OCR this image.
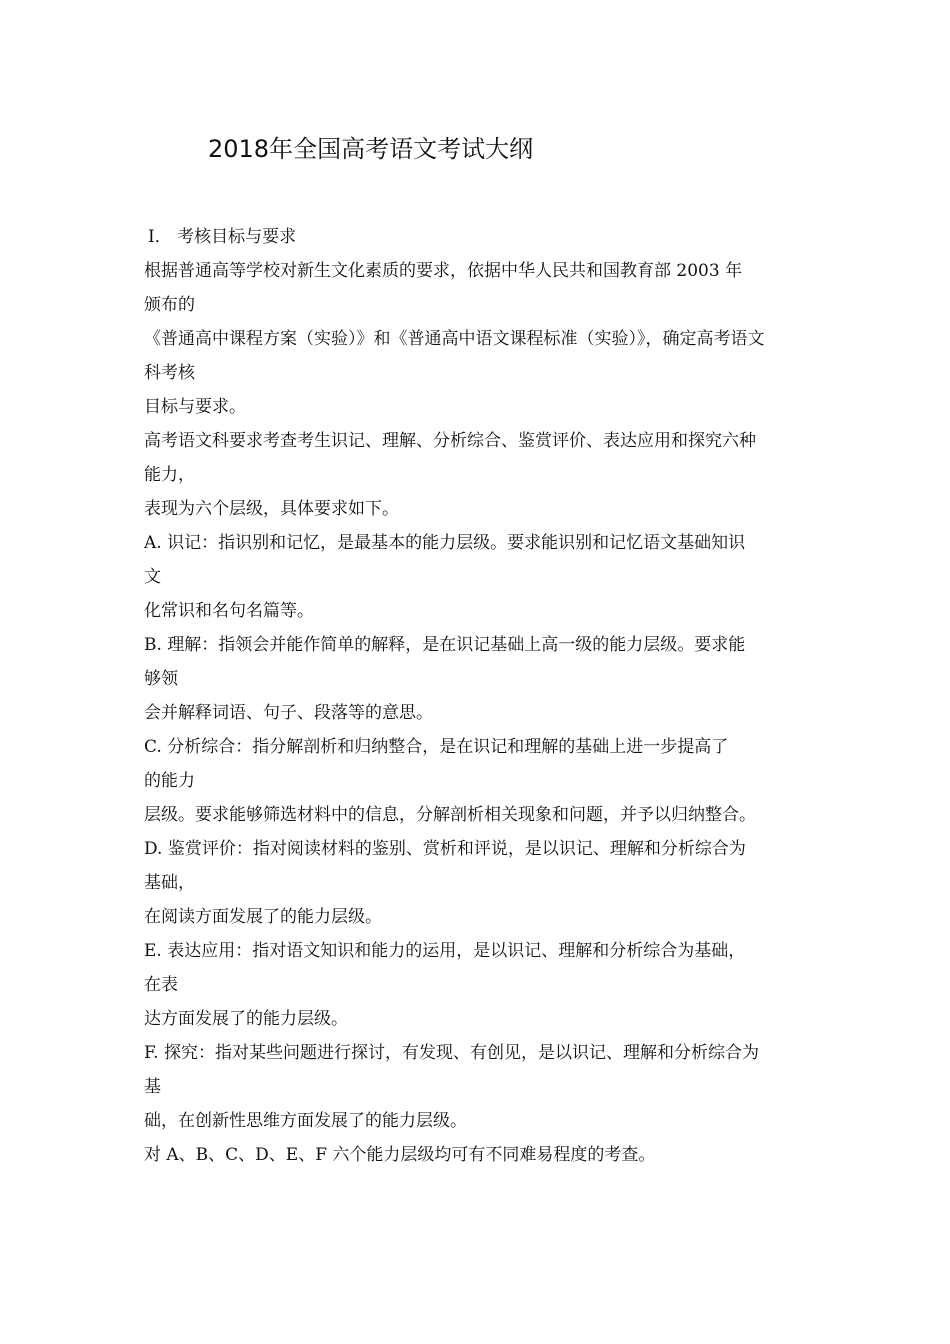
2018年全国高考语文考试大纲
Ⅰ． 考核目标与要求
根据普通高等学校对新生文化素质的要求，依据中华人民共和国教育部 2003 年
颁布的
《普通高中课程方案（实验）》和《普通高中语文课程标准（实验）》，确定高考语文
科考核
目标与要求。
高考语文科要求考查考生识记、理解、分析综合、鉴赏评价、表达应用和探究六种
能力，
表现为六个层级，具体要求如下。
A. 识记：指识别和记忆，是最基本的能力层级。要求能识别和记忆语文基础知识
文
化常识和名句名篇等。
B. 理解：指领会并能作简单的解释，是在识记基础上高一级的能力层级。要求能
够领
会并解释词语、句子、段落等的意思。
C. 分析综合：指分解剖析和归纳整合，是在识记和理解的基础上进一步提高了
的能力
层级。要求能够筛选材料中的信息，分解剖析相关现象和问题，并予以归纳整合。
D. 鉴赏评价：指对阅读材料的鉴别、赏析和评说，是以识记、理解和分析综合为
基础，
在阅读方面发展了的能力层级。
E. 表达应用：指对语文知识和能力的运用，是以识记、理解和分析综合为基础，
在表
达方面发展了的能力层级。
F. 探究：指对某些问题进行探讨，有发现、有创见，是以识记、理解和分析综合为
基
础，在创新性思维方面发展了的能力层级。
对 A、B、C、D、E、F 六个能力层级均可有不同难易程度的考查。
